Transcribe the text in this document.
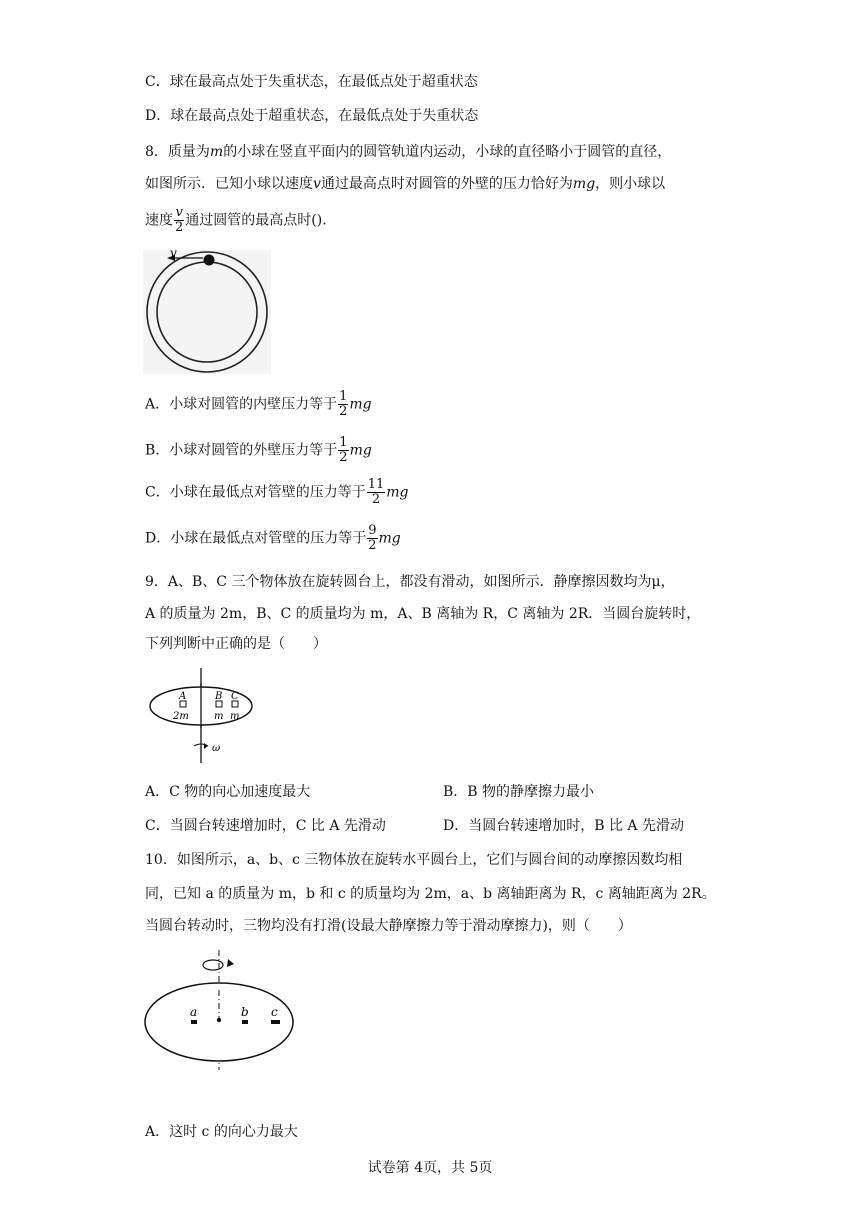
C．球在最高点处于失重状态，在最低点处于超重状态
D．球在最高点处于超重状态，在最低点处于失重状态
8．质量为m的小球在竖直平面内的圆管轨道内运动，小球的直径略小于圆管的直径，
如图所示．已知小球以速度v通过最高点时对圆管的外壁的压力恰好为mg，则小球以
速度 $\frac{v}{2}$ 通过圆管的最高点时().
v
A．小球对圆管的内壁压力等于 $\frac{1}{2}$ mg
B．小球对圆管的外壁压力等于 $\frac{1}{2}$ mg
C．小球在最低点对管壁的压力等于 $\frac{11}{2}$ mg
D．小球在最低点对管壁的压力等于 $\frac{9}{2}$ mg
9．A、B、C 三个物体放在旋转圆台上，都没有滑动，如图所示．静摩擦因数均为μ，
A 的质量为 2m，B、C 的质量均为 m，A、B 离轴为 R，C 离轴为 2R．当圆台旋转时，
下列判断中正确的是（　　）
A
2m
B
m
C
m
ω
A．C 物的向心加速度最大	B．B 物的静摩擦力最小
C．当圆台转速增加时，C 比 A 先滑动	D．当圆台转速增加时，B 比 A 先滑动
10．如图所示，a、b、c 三物体放在旋转水平圆台上，它们与圆台间的动摩擦因数均相
同，已知 a 的质量为 m，b 和 c 的质量均为 2m，a、b 离轴距离为 R，c 离轴距离为 2R。
当圆台转动时，三物均没有打滑(设最大静摩擦力等于滑动摩擦力)，则（　　）
a	b c
A．这时 c 的向心力最大
试卷第 4页，共 5页
